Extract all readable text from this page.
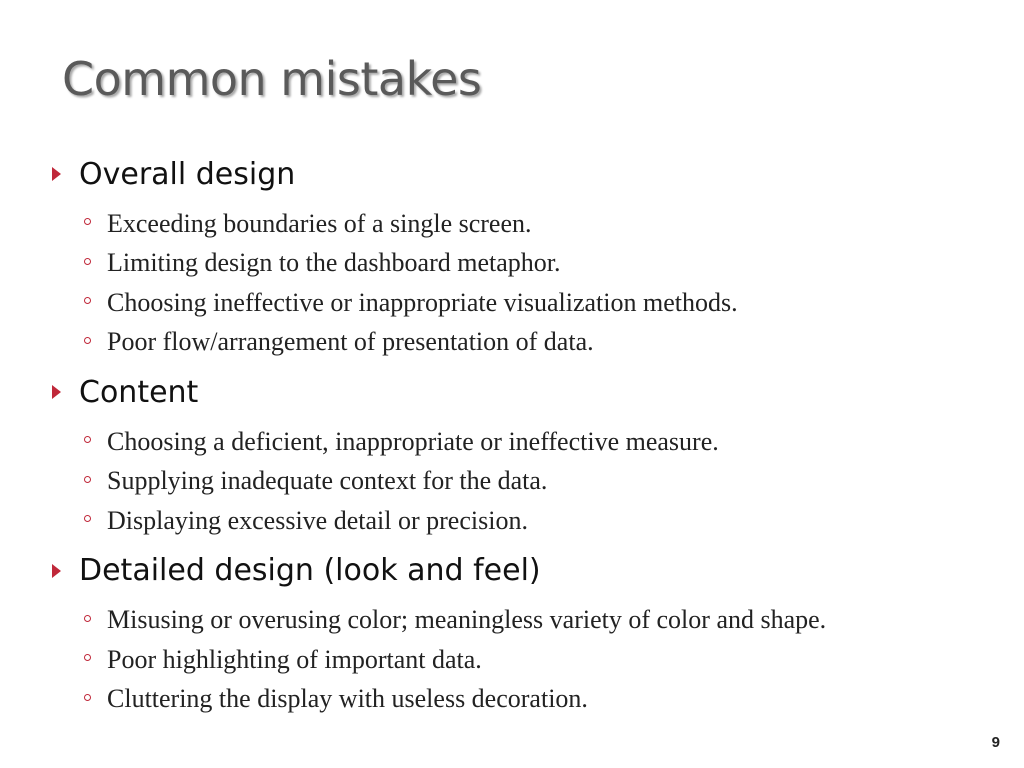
Common mistakes
Overall design
Exceeding boundaries of a single screen.
Limiting design to the dashboard metaphor.
Choosing ineffective or inappropriate visualization methods.
Poor flow/arrangement of presentation of data.
Content
Choosing a deficient, inappropriate or ineffective measure.
Supplying inadequate context for the data.
Displaying excessive detail or precision.
Detailed design (look and feel)
Misusing or overusing color; meaningless variety of color and shape.
Poor highlighting of important data.
Cluttering the display with useless decoration.
9
